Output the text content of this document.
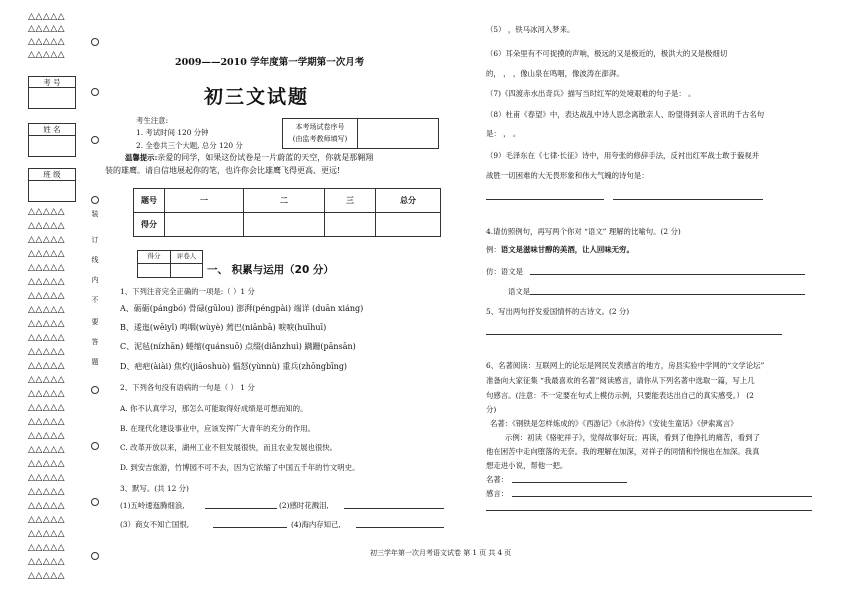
△△△△△
△△△△△
△△△△△
△△△△△
考 号
姓 名
班 级
△△△△△
△△△△△
△△△△△
△△△△△
△△△△△
△△△△△
△△△△△
△△△△△
△△△△△
△△△△△
△△△△△
△△△△△
△△△△△
△△△△△
△△△△△
△△△△△
△△△△△
△△△△△
△△△△△
△△△△△
△△△△△
△△△△△
△△△△△
△△△△△
△△△△△
△△△△△
△△△△△
装
订
线
内
不
要
答
题
2009——2010 学年度第一学期第一次月考
初三文试题
考生注意:
1. 考试时间 120 分钟
2. 全卷共三个大题, 总分 120 分
本考场试卷序号
(由监考教师填写)
温馨提示:亲爱的同学，如果这份试卷是一片蔚蓝的天空，你就是那翱翔
装的雄鹰。请自信地展起你的笔，也许你会比雄鹰飞得更高、更远!
题号	一	二	三	总分
得分				
得分	评卷人
一、 积累与运用（20 分）
1、下列注音完全正确的一项是:（ ）1 分
A、砺砺(pángbó) 骨碌(gūlou) 澎湃(péngpài) 端详 (duān xiáng)
B、逶迤(wēiyǐ) 鸣咽(wùyè) 蔫巴(niānbā) 唳唳(huīhuī)
C、泥毡(nízhān) 蜷缩(quánsuō) 点缀(diǎnzhuì) 蹒跚(pānsān)
D、疤疤(àiài) 焦灼(jiāoshuò) 愠怒(yùnnù) 重兵(zhōngbīng)
2、下列各句没有语病的一句是（ ） 1 分
A. 你不认真学习，那怎么可能取得好成绩是可想而知的。
B. 在现代化建设事业中，应该发挥广大青年的充分的作用。
C. 改革开放以来，湖州工业不但发展很快，而且农业发展也很快。
D. 到安吉旅游，竹博园不可不去，因为它浓缩了中国五千年的竹文明史。
3、默写。(共 12 分)
(1)五岭逶迤腾细浪,	(2)感时花溅泪,
(3）商女不知亡国恨,	(4)海内存知己,
（5） ，铁马冰河入梦来。
（6）耳朵里有不可捉摸的声响，极远的又是极近的，极洪大的又是极细切
的， ， ，像山泉在鸣咽，像波涛在澎湃。
（7)《四渡赤水出奇兵》描写当时红军的处境艰难的句子是： 。
（8）杜甫《春望》中，表达战乱中诗人思念离散亲人、盼望得到亲人音讯的千古名句
是： ， 。
（9）毛泽东在《七律·长征》诗中，用夸张的修辞手法，反衬出红军战士敢于藐视并
战胜一切困难的大无畏形象和伟大气魄的诗句是：
4.请仿照例句，再写两个你对 “语文” 理解的比喻句。(2 分)
例：语文是滋味甘醇的美酒，让人回味无穷。
仿：语文是
语文是
5、写出两句抒发爱国情怀的古诗文。(2 分)
6、名著阅读：互联网上的论坛是网民发表感言的地方，房县实验中学网的“文学论坛”
准备向大家征集 “我最喜欢的名著”阅读感言，请你从下列名著中选取一篇，写上几
句感言。(注意：不一定要在句式上模仿示例，只要能表达出自己的真实感受。） (2
分)
名著：《钢铁是怎样炼成的》《西游记》《水浒传》《安徒生童话》《伊索寓言》
示例：初读《骆驼祥子》，觉得故事好玩；再读，看到了他挣扎的痛苦，看到了
他在困苦中走向堕落的无奈。我的理解在加深，对祥子的同情和怜悯也在加深。我真
想走进小说，帮他一把。
名著：
感言：
初三学年第一次月考语文试卷 第 1 页 共 4 页
